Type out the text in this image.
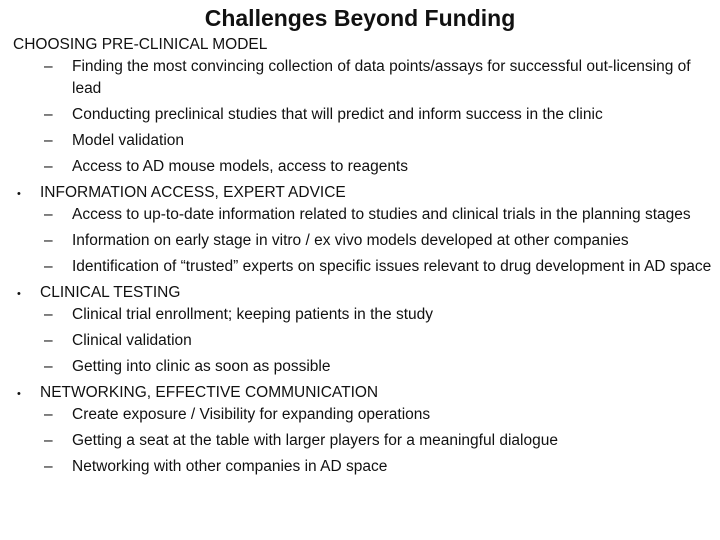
Challenges Beyond Funding
CHOOSING PRE-CLINICAL MODEL
– Finding the most convincing collection of data points/assays for successful out-licensing of lead
– Conducting preclinical studies that will predict and inform success in the clinic
– Model validation
– Access to AD mouse models, access to reagents
• INFORMATION ACCESS, EXPERT ADVICE
– Access to up-to-date information related to studies and clinical trials in the planning stages
– Information on early stage in vitro / ex vivo models developed at other companies
– Identification of “trusted” experts on specific issues relevant to drug development in AD space
• CLINICAL TESTING
– Clinical trial enrollment; keeping patients in the study
– Clinical validation
– Getting into clinic as soon as possible
• NETWORKING, EFFECTIVE COMMUNICATION
– Create exposure / Visibility for expanding operations
– Getting a seat at the table with larger players for a meaningful dialogue
– Networking with other companies in AD space
